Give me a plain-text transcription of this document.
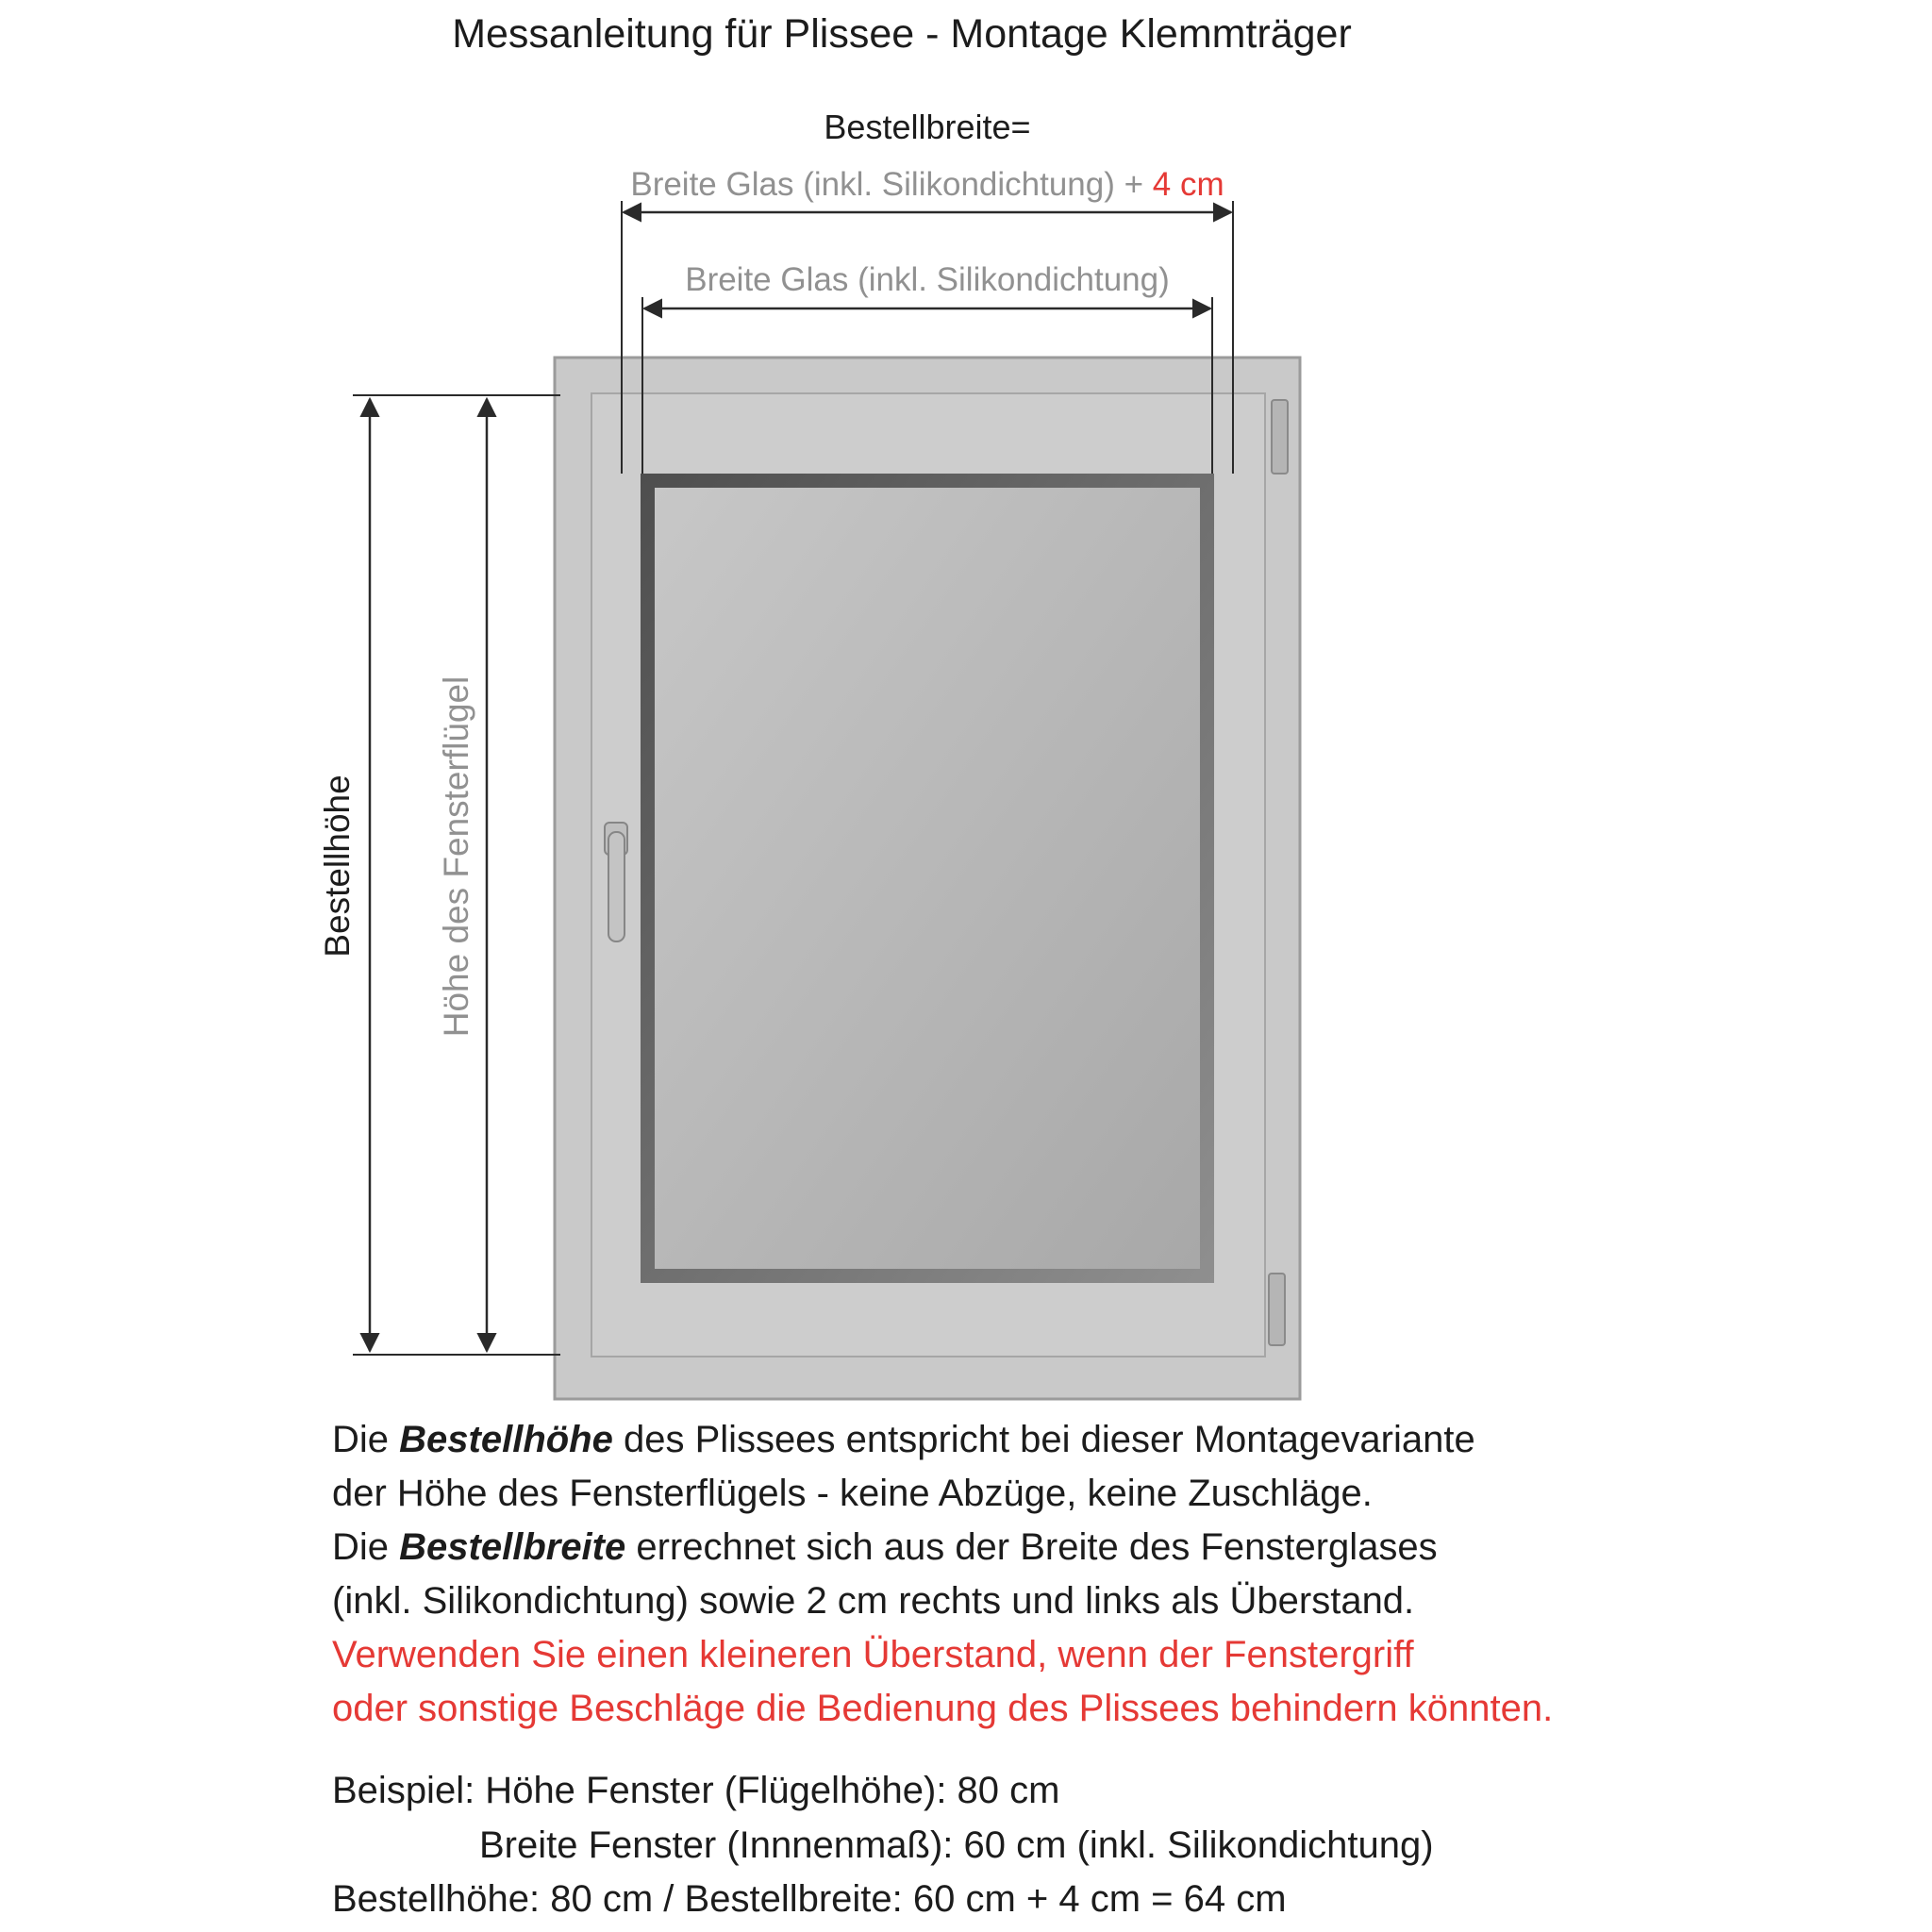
Messanleitung für Plissee - Montage Klemmträger
Bestellbreite=
Breite Glas (inkl. Silikondichtung) + 4 cm
Breite Glas (inkl. Silikondichtung)
Bestellhöhe Höhe des Fensterflügel
Die Bestellhöhe des Plissees entspricht bei dieser Montagevariante
der Höhe des Fensterflügels - keine Abzüge, keine Zuschläge.
Die Bestellbreite errechnet sich aus der Breite des Fensterglases
(inkl. Silikondichtung) sowie 2 cm rechts und links als Überstand.
Verwenden Sie einen kleineren Überstand, wenn der Fenstergriff
oder sonstige Beschläge die Bedienung des Plissees behindern könnten.
Beispiel: Höhe Fenster (Flügelhöhe): 80 cm
Breite Fenster (Innnenmaß): 60 cm (inkl. Silikondichtung)
Bestellhöhe: 80 cm / Bestellbreite: 60 cm + 4 cm = 64 cm
